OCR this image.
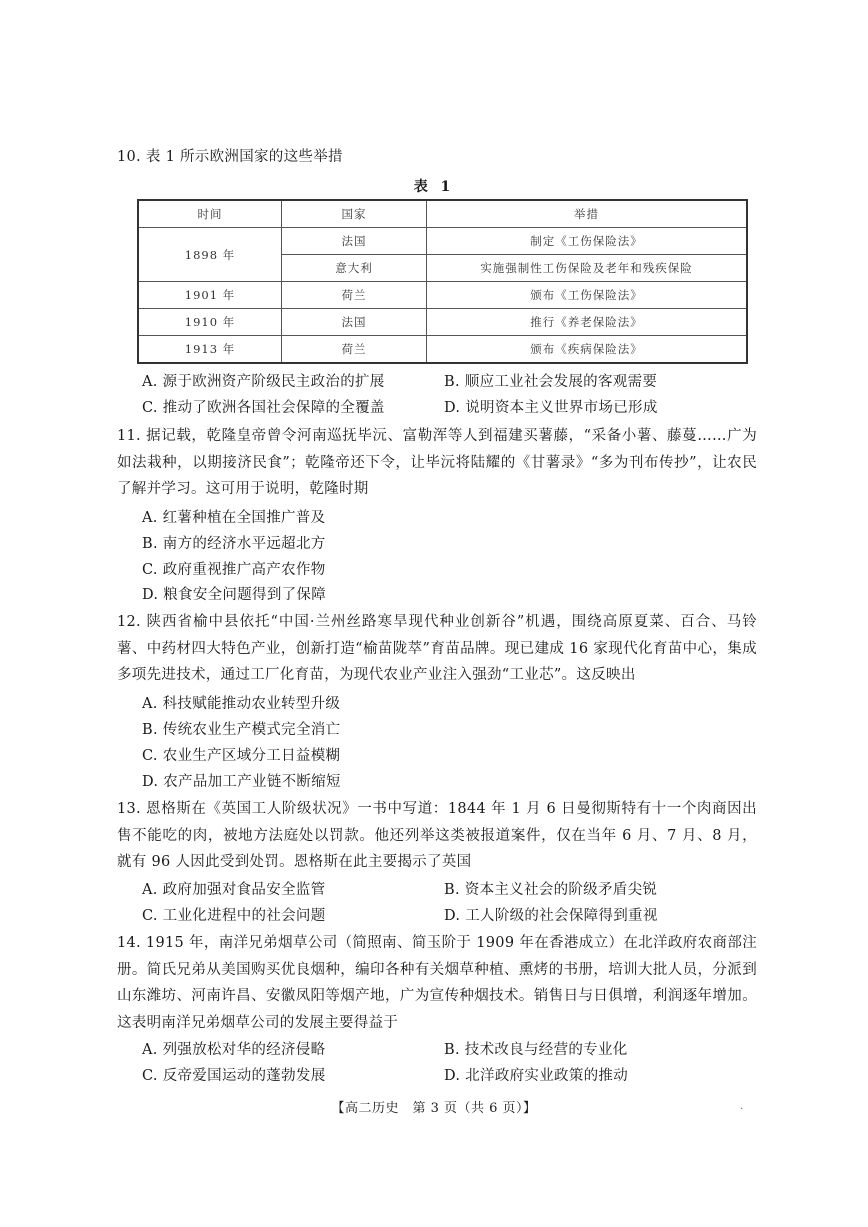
10. 表 1 所示欧洲国家的这些举措
表 1
时间	国家	举措
1898 年	法国	制定《工伤保险法》
	意大利	实施强制性工伤保险及老年和残疾保险
1901 年	荷兰	颁布《工伤保险法》
1910 年	法国	推行《养老保险法》
1913 年	荷兰	颁布《疾病保险法》
A. 源于欧洲资产阶级民主政治的扩展	B. 顺应工业社会发展的客观需要
C. 推动了欧洲各国社会保障的全覆盖	D. 说明资本主义世界市场已形成
11. 据记载，乾隆皇帝曾令河南巡抚毕沅、富勒浑等人到福建买薯藤，“采备小薯、藤蔓……广为如法栽种，以期接济民食”；乾隆帝还下令，让毕沅将陆耀的《甘薯录》“多为刊布传抄”，让农民了解并学习。这可用于说明，乾隆时期
A. 红薯种植在全国推广普及
B. 南方的经济水平远超北方
C. 政府重视推广高产农作物
D. 粮食安全问题得到了保障
12. 陕西省榆中县依托“中国·兰州丝路寒旱现代种业创新谷”机遇，围绕高原夏菜、百合、马铃薯、中药材四大特色产业，创新打造“榆苗陇萃”育苗品牌。现已建成 16 家现代化育苗中心，集成多项先进技术，通过工厂化育苗，为现代农业产业注入强劲“工业芯”。这反映出
A. 科技赋能推动农业转型升级
B. 传统农业生产模式完全消亡
C. 农业生产区域分工日益模糊
D. 农产品加工产业链不断缩短
13. 恩格斯在《英国工人阶级状况》一书中写道：1844 年 1 月 6 日曼彻斯特有十一个肉商因出售不能吃的肉，被地方法庭处以罚款。他还列举这类被报道案件，仅在当年 6 月、7 月、8 月，就有 96 人因此受到处罚。恩格斯在此主要揭示了英国
A. 政府加强对食品安全监管	B. 资本主义社会的阶级矛盾尖锐
C. 工业化进程中的社会问题	D. 工人阶级的社会保障得到重视
14. 1915 年，南洋兄弟烟草公司（简照南、简玉阶于 1909 年在香港成立）在北洋政府农商部注册。简氏兄弟从美国购买优良烟种，编印各种有关烟草种植、熏烤的书册，培训大批人员，分派到山东潍坊、河南许昌、安徽凤阳等烟产地，广为宣传种烟技术。销售日与日俱增，利润逐年增加。这表明南洋兄弟烟草公司的发展主要得益于
A. 列强放松对华的经济侵略	B. 技术改良与经营的专业化
C. 反帝爱国运动的蓬勃发展	D. 北洋政府实业政策的推动
【高二历史　第 3 页（共 6 页）】	·
